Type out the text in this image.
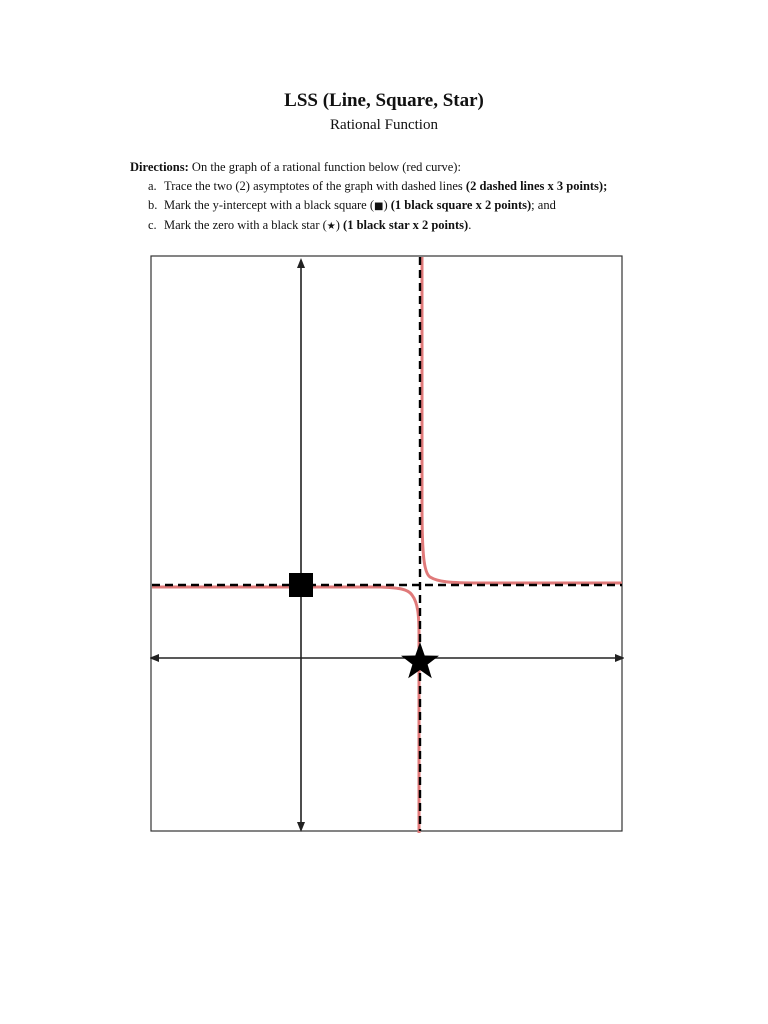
LSS (Line, Square, Star)
Rational Function
Directions: On the graph of a rational function below (red curve):
a. Trace the two (2) asymptotes of the graph with dashed lines (2 dashed lines x 3 points);
b. Mark the y-intercept with a black square (■) (1 black square x 2 points); and
c. Mark the zero with a black star (★) (1 black star x 2 points).
